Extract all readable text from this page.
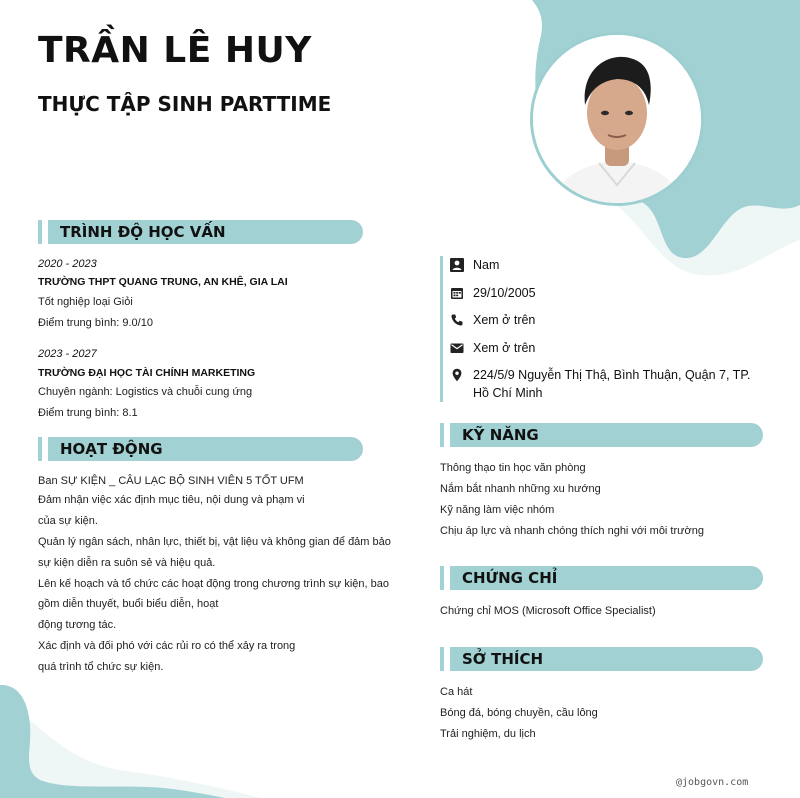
TRẦN LÊ HUY
THỰC TẬP SINH PARTTIME
TRÌNH ĐỘ HỌC VẤN
2020 - 2023
TRƯỜNG THPT QUANG TRUNG, AN KHÊ, GIA LAI
Tốt nghiệp loại Giỏi
Điểm trung bình: 9.0/10
2023 - 2027
TRƯỜNG ĐẠI HỌC TÀI CHÍNH MARKETING
Chuyên ngành: Logistics và chuỗi cung ứng
Điểm trung bình: 8.1
HOẠT ĐỘNG
Ban SỰ KIỆN _ CÂU LẠC BỘ SINH VIÊN 5 TỐT UFM
Đảm nhận việc xác định mục tiêu, nội dung và phạm vi
của sự kiện.
Quản lý ngân sách, nhân lực, thiết bị, vật liệu và không gian để đảm bảo
sự kiện diễn ra suôn sẻ và hiệu quả.
Lên kế hoạch và tổ chức các hoạt động trong chương trình sự kiện, bao
gồm diễn thuyết, buổi biểu diễn, hoạt
động tương tác.
Xác định và đối phó với các rủi ro có thể xảy ra trong
quá trình tổ chức sự kiện.
Nam
29/10/2005
Xem ở trên
Xem ở trên
224/5/9 Nguyễn Thị Thậ, Bình Thuận, Quận 7, TP.
Hồ Chí Minh
KỸ NĂNG
Thông thạo tin học văn phòng
Nắm bắt nhanh những xu hướng
Kỹ năng làm việc nhóm
Chịu áp lực và nhanh chóng thích nghi với môi trường
CHỨNG CHỈ
Chứng chỉ MOS (Microsoft Office Specialist)
SỞ THÍCH
Ca hát
Bóng đá, bóng chuyền, cầu lông
Trải nghiệm, du lịch
@jobgovn.com
